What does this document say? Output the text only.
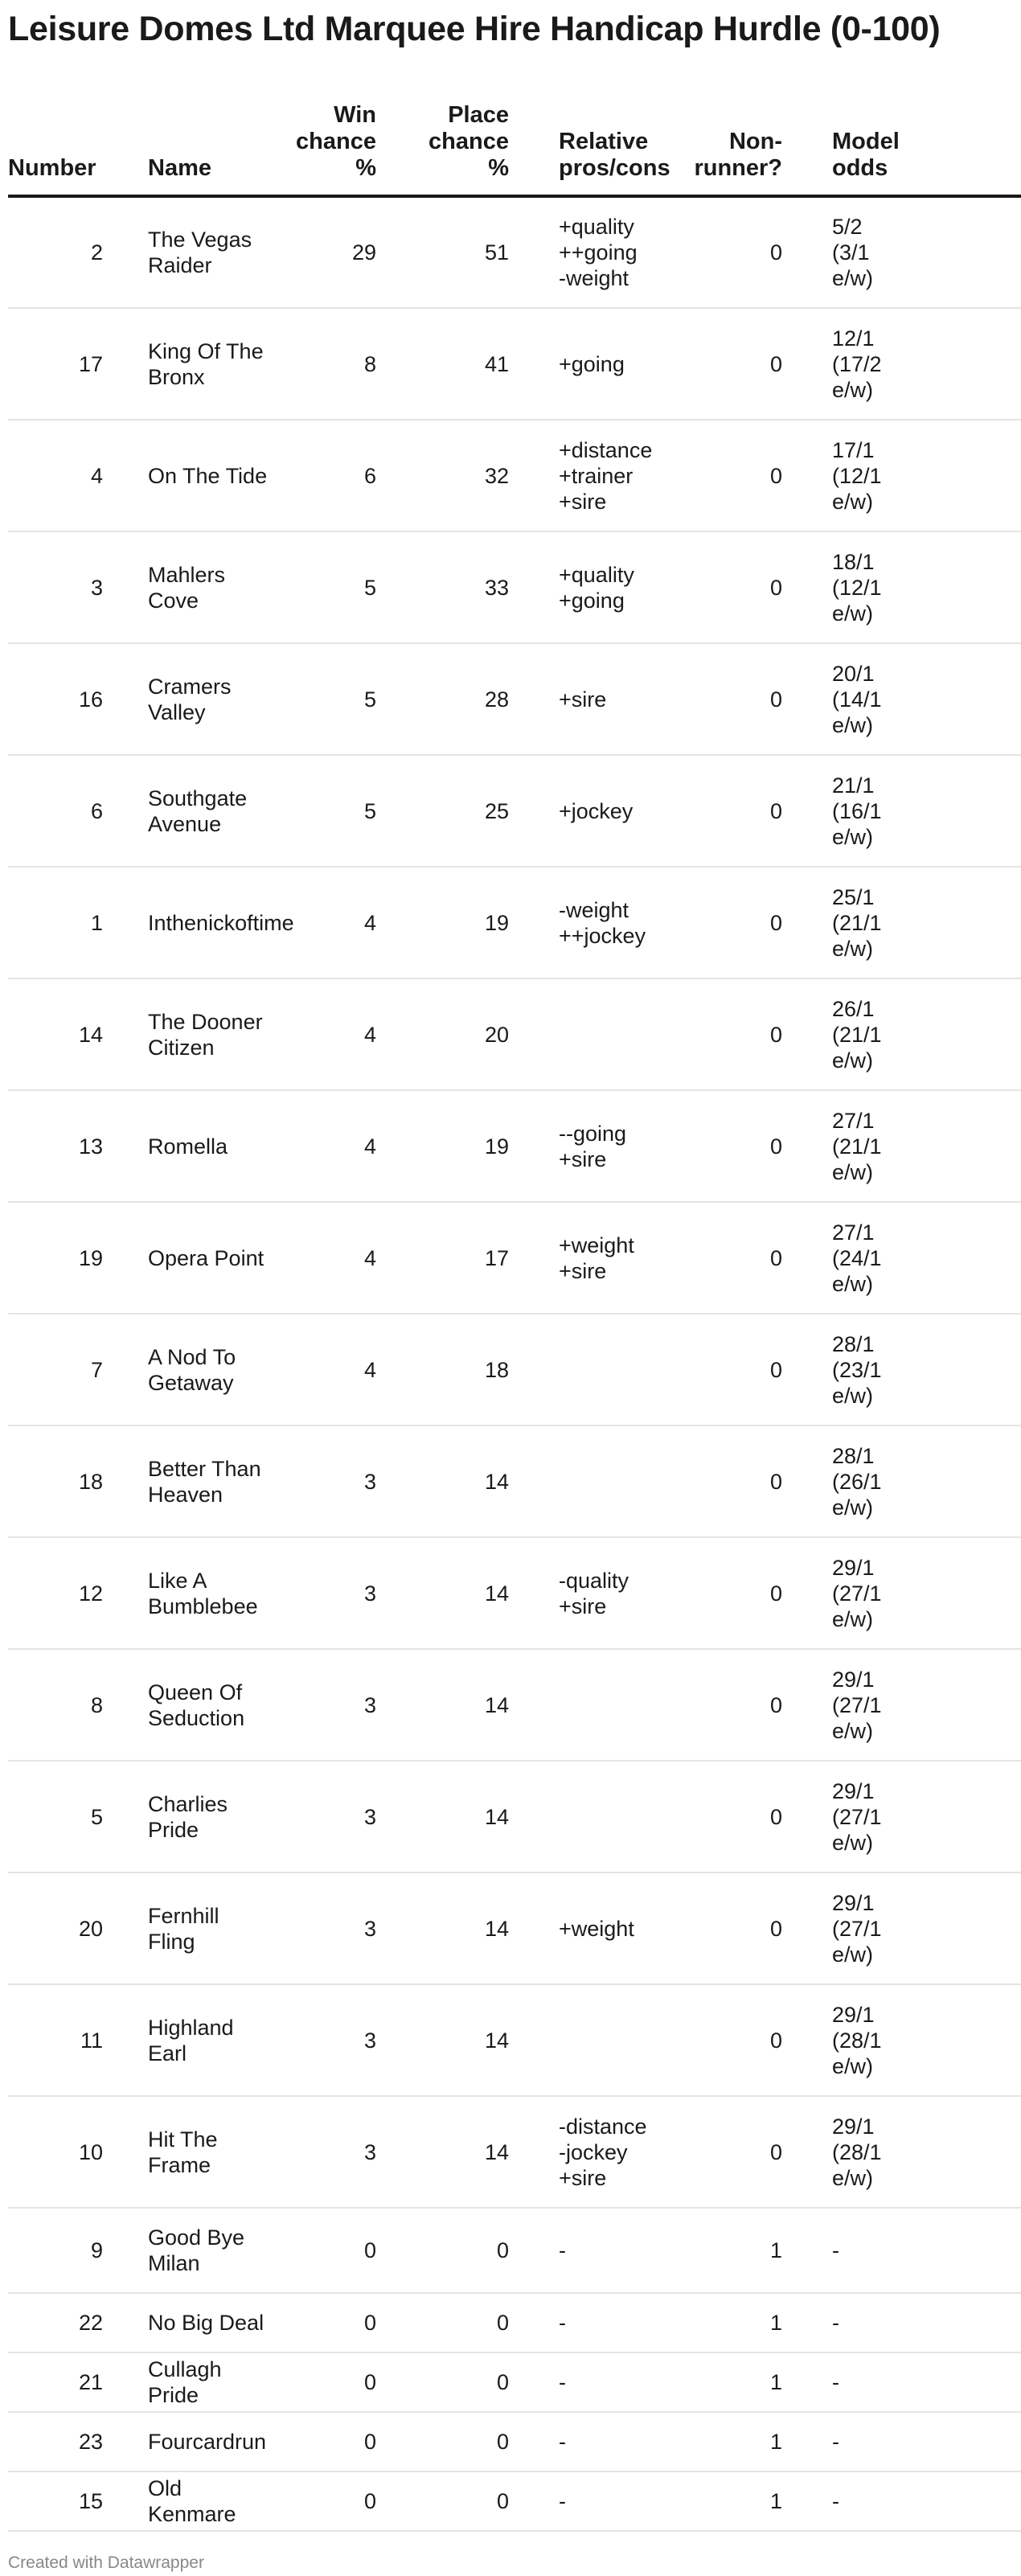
Leisure Domes Ltd Marquee Hire Handicap Hurdle (0-100)
Number	Name	Win
chance
%	Place
chance
%	Relative
pros/cons	Non-
runner?	Model
odds
2	The Vegas
Raider	29	51	+quality
++going
-weight	0	5/2
(3/1
e/w)
17	King Of The
Bronx	8	41	+going	0	12/1
(17/2
e/w)
4	On The Tide	6	32	+distance
+trainer
+sire	0	17/1
(12/1
e/w)
3	Mahlers Cove	5	33	+quality
+going	0	18/1
(12/1
e/w)
16	Cramers Valley	5	28	+sire	0	20/1
(14/1
e/w)
6	Southgate
Avenue	5	25	+jockey	0	21/1
(16/1
e/w)
1	Inthenickoftime	4	19	-weight
++jockey	0	25/1
(21/1
e/w)
14	The Dooner
Citizen	4	20		0	26/1
(21/1
e/w)
13	Romella	4	19	--going
+sire	0	27/1
(21/1
e/w)
19	Opera Point	4	17	+weight
+sire	0	27/1
(24/1
e/w)
7	A Nod To
Getaway	4	18		0	28/1
(23/1
e/w)
18	Better Than
Heaven	3	14		0	28/1
(26/1
e/w)
12	Like A
Bumblebee	3	14	-quality
+sire	0	29/1
(27/1
e/w)
8	Queen Of
Seduction	3	14		0	29/1
(27/1
e/w)
5	Charlies Pride	3	14		0	29/1
(27/1
e/w)
20	Fernhill Fling	3	14	+weight	0	29/1
(27/1
e/w)
11	Highland Earl	3	14		0	29/1
(28/1
e/w)
10	Hit The Frame	3	14	-distance
-jockey
+sire	0	29/1
(28/1
e/w)
9	Good Bye
Milan	0	0	-	1	-
22	No Big Deal	0	0	-	1	-
21	Cullagh Pride	0	0	-	1	-
23	Fourcardrun	0	0	-	1	-
15	Old Kenmare	0	0	-	1	-
Created with Datawrapper
